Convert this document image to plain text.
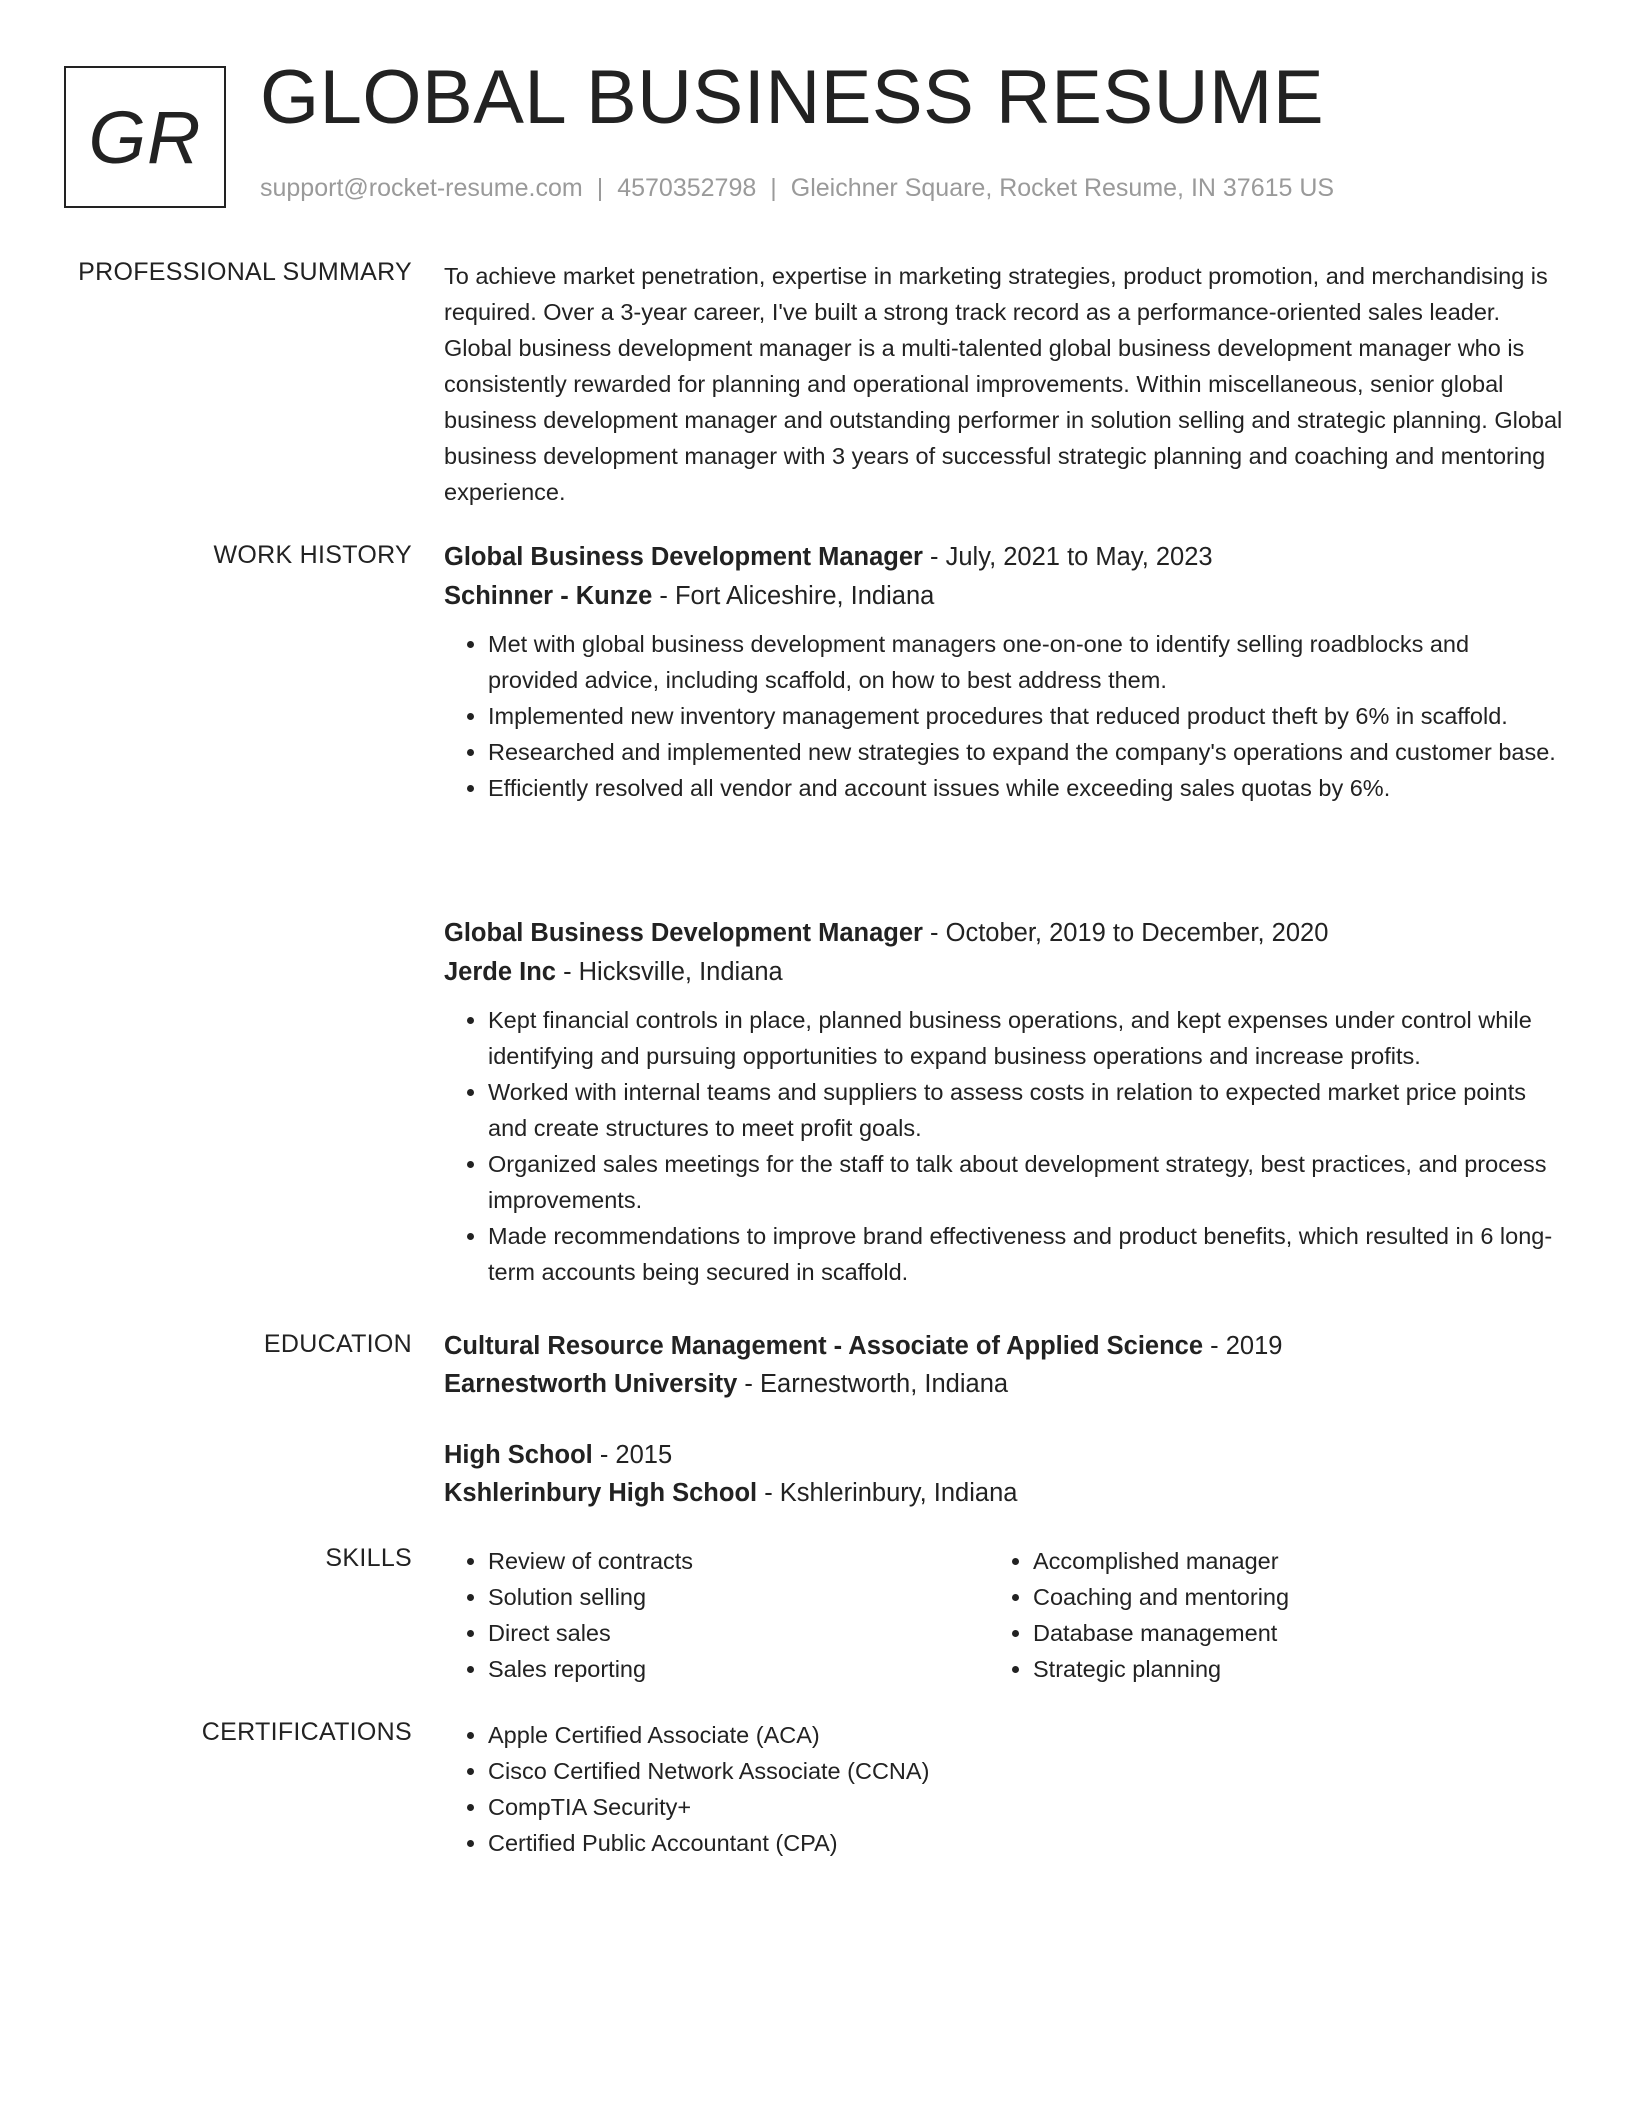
GR GLOBAL BUSINESS RESUME
support@rocket-resume.com | 4570352798 | Gleichner Square, Rocket Resume, IN 37615 US
PROFESSIONAL SUMMARY To achieve market penetration, expertise in marketing strategies, product promotion, and merchandising is required. Over a 3-year career, I've built a strong track record as a performance-oriented sales leader. Global business development manager is a multi-talented global business development manager who is consistently rewarded for planning and operational improvements. Within miscellaneous, senior global business development manager and outstanding performer in solution selling and strategic planning. Global business development manager with 3 years of successful strategic planning and coaching and mentoring experience.

WORK HISTORY Global Business Development Manager - July, 2021 to May, 2023

Schinner - Kunze - Fort Aliceshire, Indiana

• Met with global business development managers one-on-one to identify selling roadblocks and provided advice, including scaffold, on how to best address them.
• Implemented new inventory management procedures that reduced product theft by 6% in scaffold.
• Researched and implemented new strategies to expand the company's operations and customer base.
• Efficiently resolved all vendor and account issues while exceeding sales quotas by 6%.

Global Business Development Manager - October, 2019 to December, 2020

Jerde Inc - Hicksville, Indiana

• Kept financial controls in place, planned business operations, and kept expenses under control while identifying and pursuing opportunities to expand business operations and increase profits.
• Worked with internal teams and suppliers to assess costs in relation to expected market price points and create structures to meet profit goals.
• Organized sales meetings for the staff to talk about development strategy, best practices, and process improvements.
• Made recommendations to improve brand effectiveness and product benefits, which resulted in 6 long-term accounts being secured in scaffold.
EDUCATION Cultural Resource Management - Associate of Applied Science - 2019

Earnestworth University - Earnestworth, Indiana

High School - 2015

Kshlerinbury High School - Kshlerinbury, Indiana

SKILLS	• Review of contracts
• Solution selling
• Direct sales
• Sales reporting
• Accomplished manager
• Coaching and mentoring
• Database management
• Strategic planning
CERTIFICATIONS	• Apple Certified Associate (ACA)
• Cisco Certified Network Associate (CCNA)
• CompTIA Security+
• Certified Public Accountant (CPA)
